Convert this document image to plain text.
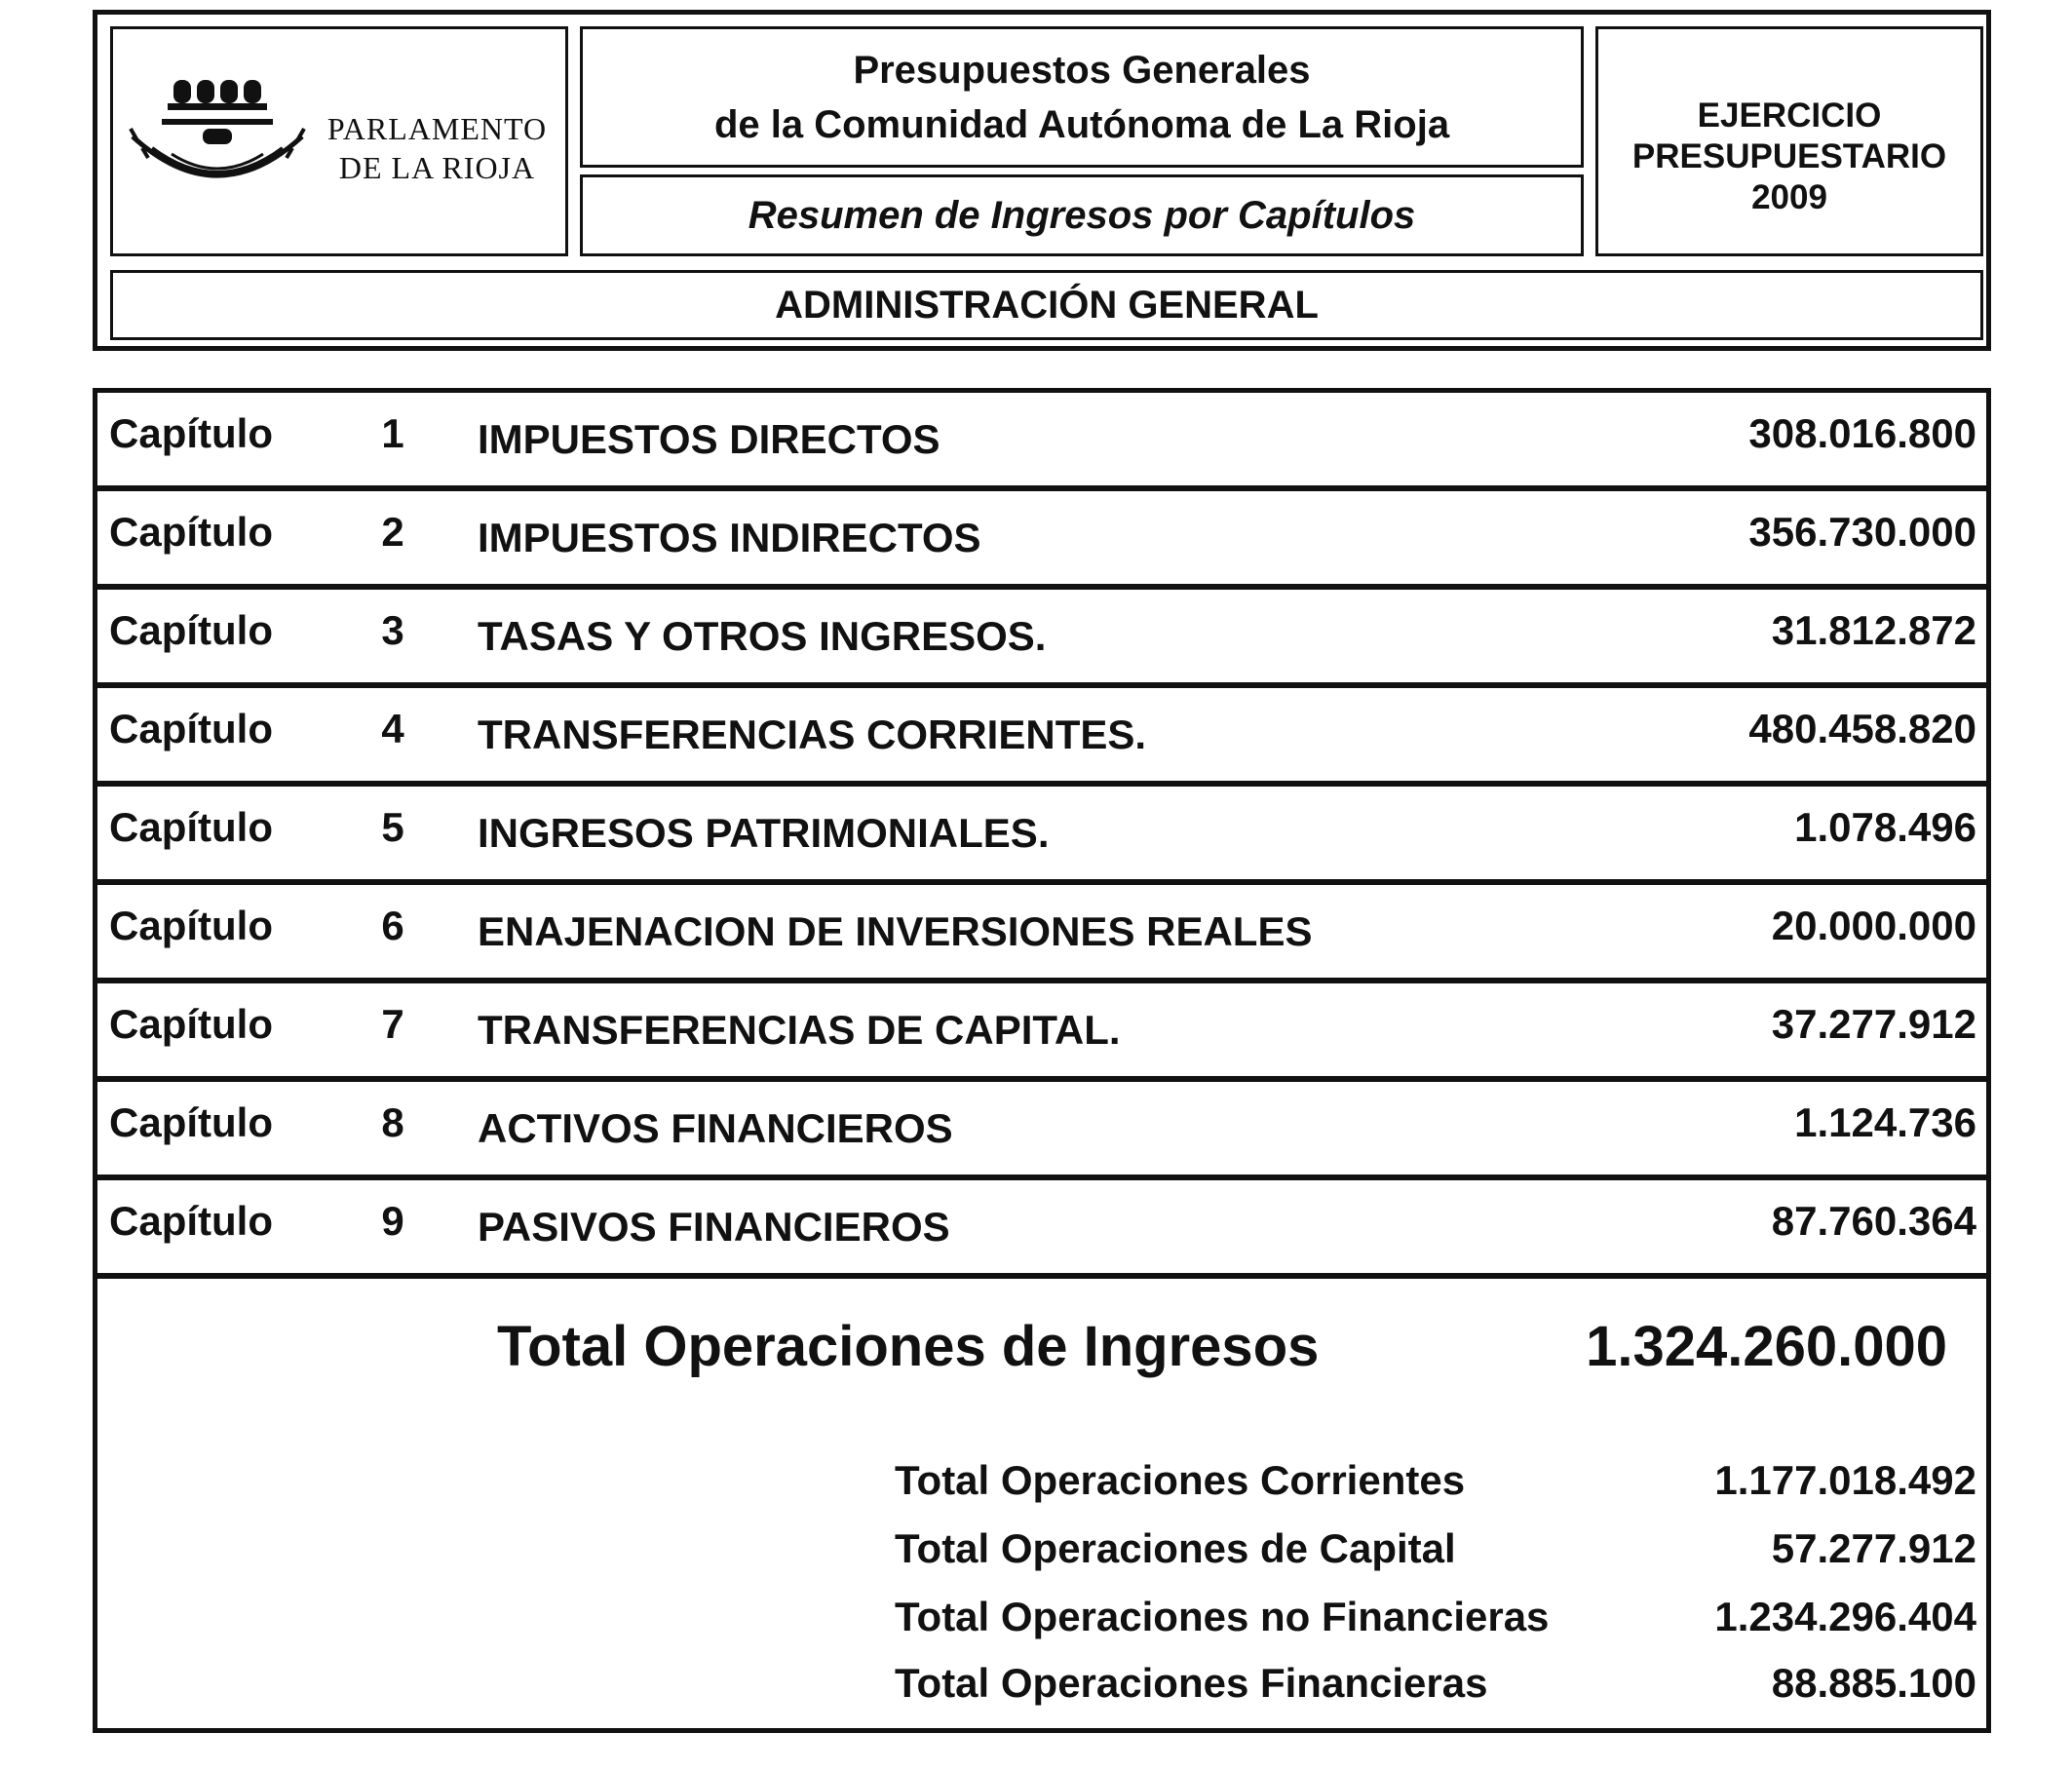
PARLAMENTO
DE LA RIOJA
Presupuestos Generales
de la Comunidad Autónoma de La Rioja
Resumen de Ingresos por Capítulos
EJERCICIO
PRESUPUESTARIO
2009
ADMINISTRACIÓN GENERAL
Capítulo	1	IMPUESTOS DIRECTOS	308.016.800
Capítulo	2	IMPUESTOS INDIRECTOS	356.730.000
Capítulo	3	TASAS Y OTROS INGRESOS.	31.812.872
Capítulo	4	TRANSFERENCIAS CORRIENTES.	480.458.820
Capítulo	5	INGRESOS PATRIMONIALES.	1.078.496
Capítulo	6	ENAJENACION DE INVERSIONES REALES	20.000.000
Capítulo	7	TRANSFERENCIAS DE CAPITAL.	37.277.912
Capítulo	8	ACTIVOS FINANCIEROS	1.124.736
Capítulo	9	PASIVOS FINANCIEROS	87.760.364
Total Operaciones de Ingresos	1.324.260.000
Total Operaciones Corrientes	1.177.018.492
Total Operaciones de Capital	57.277.912
Total Operaciones no Financieras	1.234.296.404
Total Operaciones Financieras	88.885.100
